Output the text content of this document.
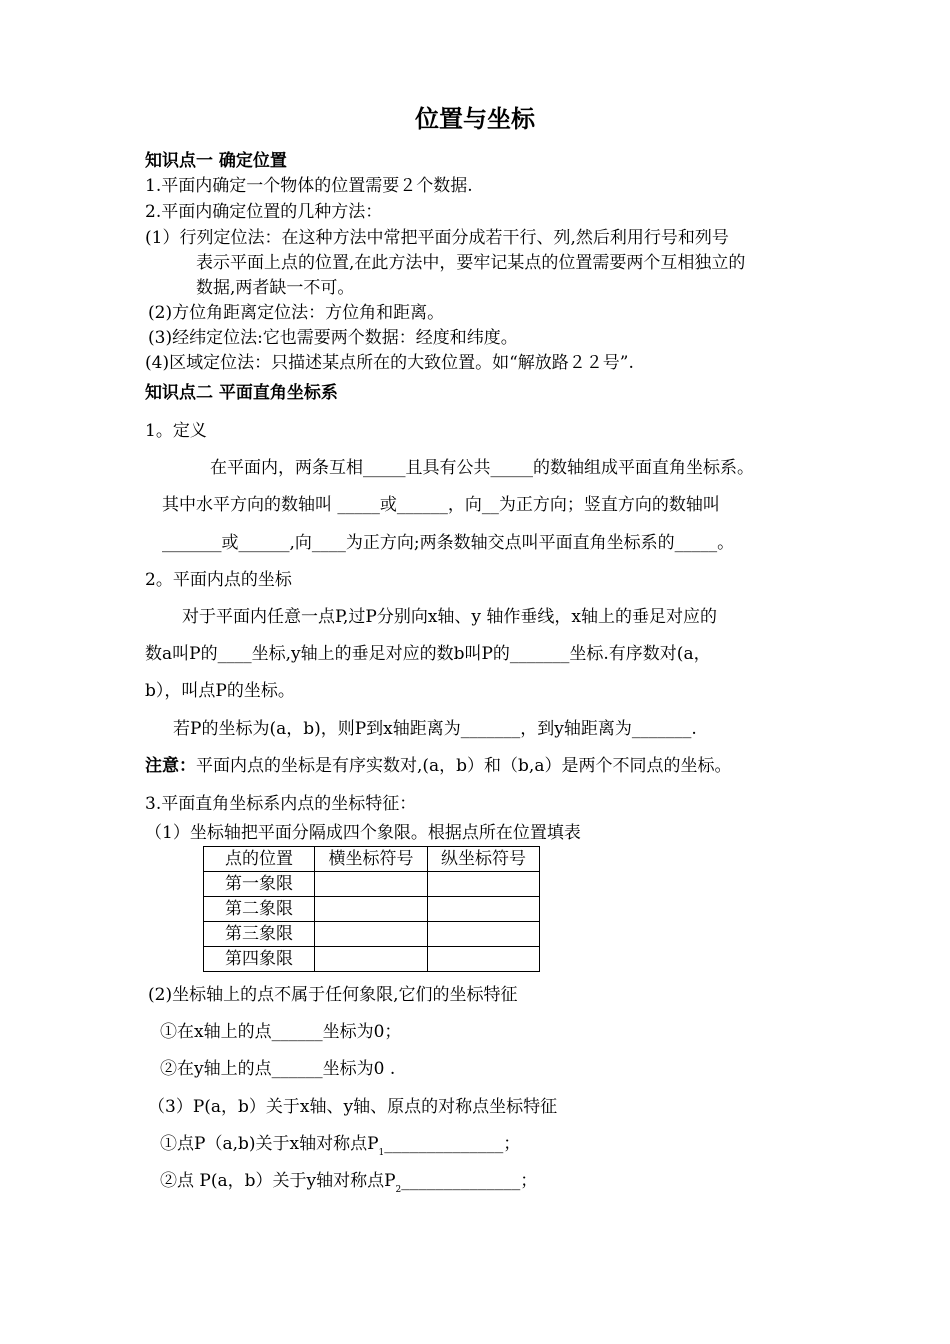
位置与坐标
知识点一 确定位置
1.平面内确定一个物体的位置需要２个数据.
2.平面内确定位置的几种方法：
(1）行列定位法：在这种方法中常把平面分成若干行、列,然后利用行号和列号
表示平面上点的位置,在此方法中，要牢记某点的位置需要两个互相独立的
数据,两者缺一不可。
(2)方位角距离定位法：方位角和距离。
(3)经纬定位法:它也需要两个数据：经度和纬度。
(4)区域定位法：只描述某点所在的大致位置。如“解放路２２号”.
知识点二 平面直角坐标系
1。定义
在平面内，两条互相_____且具有公共_____的数轴组成平面直角坐标系。
其中水平方向的数轴叫 _____或______，向__为正方向；竖直方向的数轴叫
_______或______,向____为正方向;两条数轴交点叫平面直角坐标系的_____。
2。平面内点的坐标
对于平面内任意一点P,过P分别向x轴、y 轴作垂线，x轴上的垂足对应的
数a叫P的____坐标,y轴上的垂足对应的数b叫P的_______坐标.有序数对(a，
b），叫点P的坐标。
若P的坐标为(a，b)，则P到x轴距离为_______，到y轴距离为_______.
注意：平面内点的坐标是有序实数对,(a，b）和（b,a）是两个不同点的坐标。
3.平面直角坐标系内点的坐标特征：
（1）坐标轴把平面分隔成四个象限。根据点所在位置填表
点的位置	横坐标符号	纵坐标符号
第一象限		
第二象限		
第三象限		
第四象限		
(2)坐标轴上的点不属于任何象限,它们的坐标特征
①在x轴上的点______坐标为0；
②在y轴上的点______坐标为0 .
（3）P(a，b）关于x轴、y轴、原点的对称点坐标特征
①点P（a,b)关于x轴对称点$P_1\_\_\_\_\_\_\_\_\_\_\_\_\_\_$；
②点 P(a，b）关于y轴对称点$P_2\_\_\_\_\_\_\_\_\_\_\_\_\_\_$；
